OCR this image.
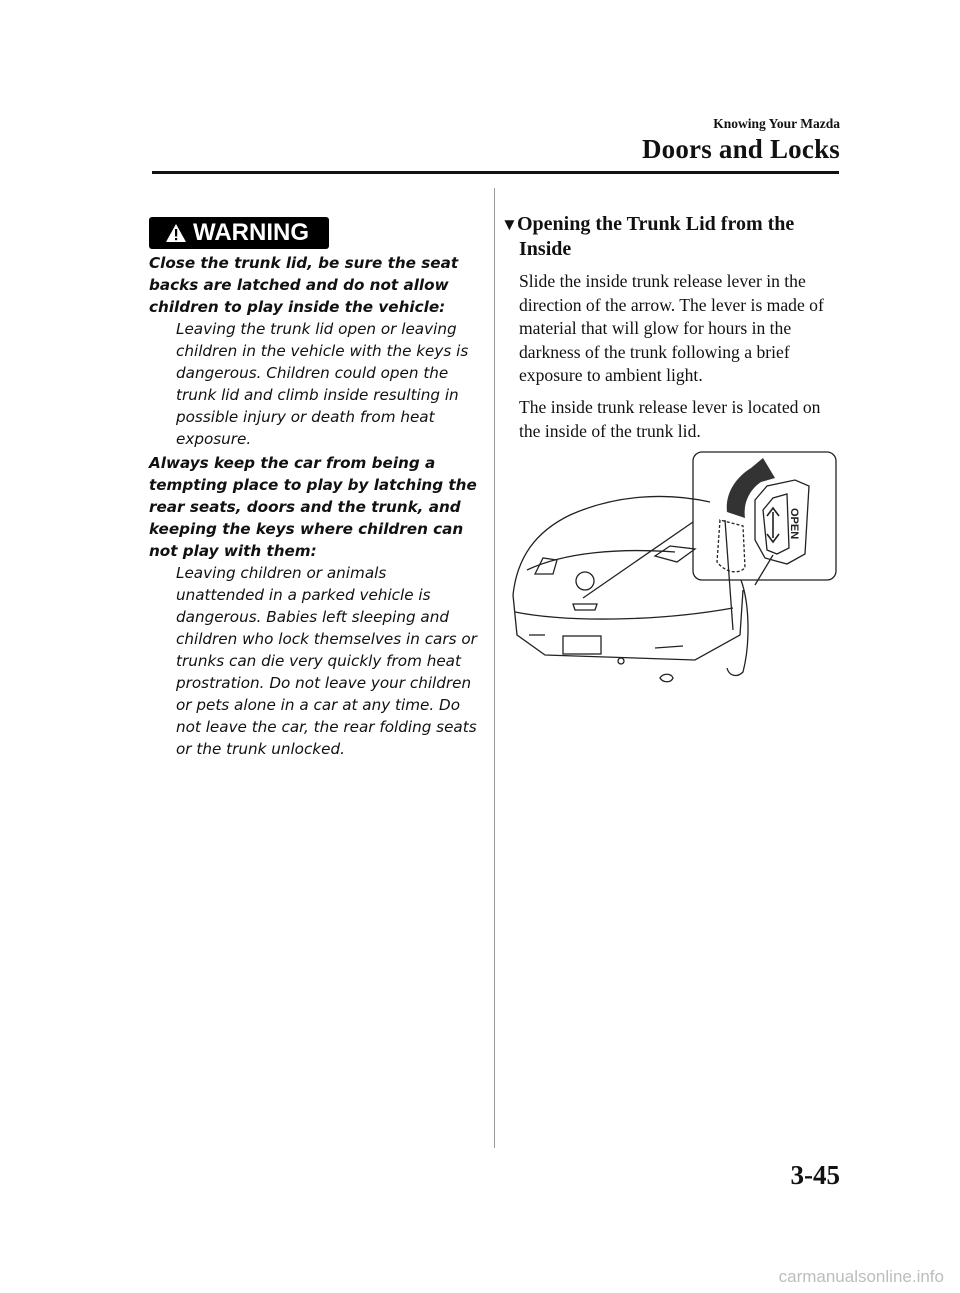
Knowing Your Mazda
Doors and Locks
WARNING

Close the trunk lid, be sure the seat backs are latched and do not allow children to play inside the vehicle:

Leaving the trunk lid open or leaving children in the vehicle with the keys is dangerous. Children could open the trunk lid and climb inside resulting in possible injury or death from heat exposure.

Always keep the car from being a tempting place to play by latching the rear seats, doors and the trunk, and keeping the keys where children can not play with them:

Leaving children or animals unattended in a parked vehicle is dangerous. Babies left sleeping and children who lock themselves in cars or trunks can die very quickly from heat prostration. Do not leave your children or pets alone in a car at any time. Do not leave the car, the rear folding seats or the trunk unlocked.

▼Opening the Trunk Lid from the
Inside

Slide the inside trunk release lever in the direction of the arrow. The lever is made of material that will glow for hours in the darkness of the trunk following a brief exposure to ambient light.

The inside trunk release lever is located on the inside of the trunk lid.

OPEN
3-45
carmanualsonline.info
